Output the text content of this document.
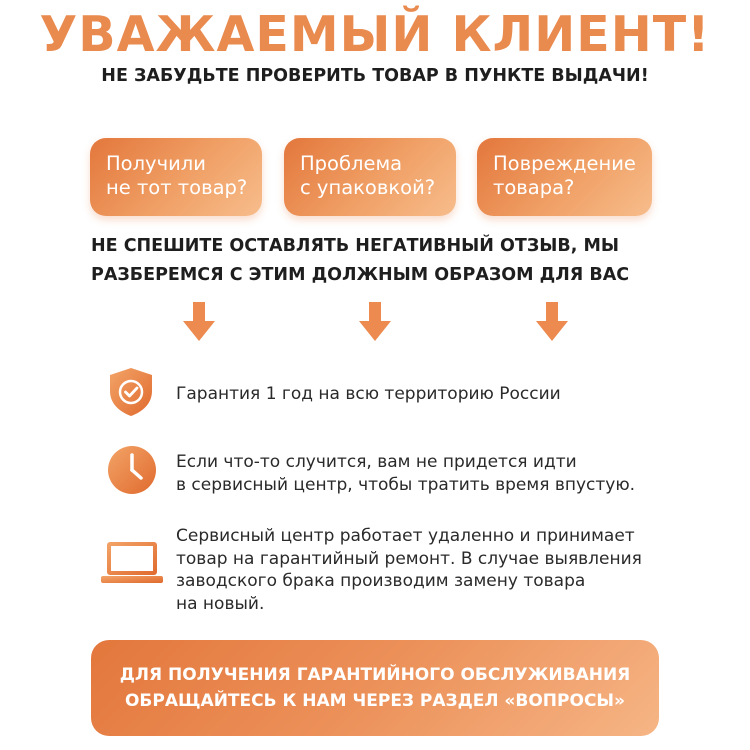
УВАЖАЕМЫЙ КЛИЕНТ!
НЕ ЗАБУДЬТЕ ПРОВЕРИТЬ ТОВАР В ПУНКТЕ ВЫДАЧИ!
Получили
не тот товар?
Проблема
с упаковкой?
Повреждение
товара?
НЕ СПЕШИТЕ ОСТАВЛЯТЬ НЕГАТИВНЫЙ ОТЗЫВ, МЫ
РАЗБЕРЕМСЯ С ЭТИМ ДОЛЖНЫМ ОБРАЗОМ ДЛЯ ВАС
Гарантия 1 год на всю территорию России
Если что-то случится, вам не придется идти
в сервисный центр, чтобы тратить время впустую.
Сервисный центр работает удаленно и принимает
товар на гарантийный ремонт. В случае выявления
заводского брака производим замену товара
на новый.
ДЛЯ ПОЛУЧЕНИЯ ГАРАНТИЙНОГО ОБСЛУЖИВАНИЯ
ОБРАЩАЙТЕСЬ К НАМ ЧЕРЕЗ РАЗДЕЛ «ВОПРОСЫ»
